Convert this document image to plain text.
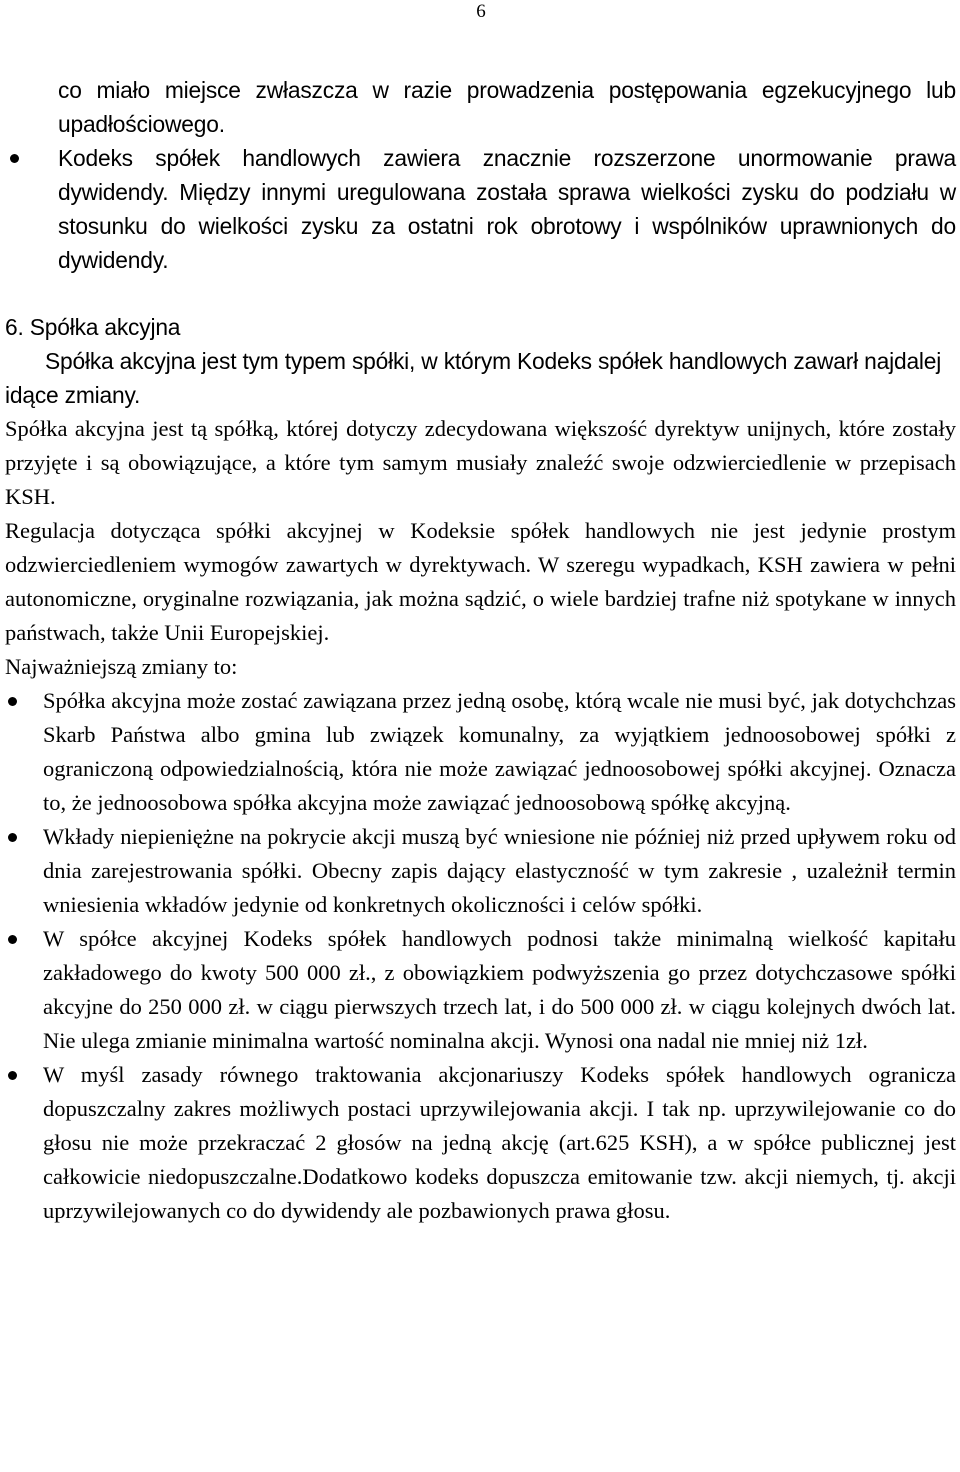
6

co miało miejsce zwłaszcza w razie prowadzenia postępowania egzekucyjnego lub upadłościowego.

Kodeks spółek handlowych zawiera znacznie rozszerzone unormowanie prawa dywidendy. Między innymi uregulowana została sprawa wielkości zysku do podziału w stosunku do wielkości zysku za ostatni rok obrotowy i wspólników uprawnionych do dywidendy.

6. Spółka akcyjna

Spółka akcyjna jest tym typem spółki, w którym Kodeks spółek handlowych zawarł najdalej idące zmiany.

Spółka akcyjna jest tą spółką, której dotyczy zdecydowana większość dyrektyw unijnych, które zostały przyjęte i są obowiązujące, a które tym samym musiały znaleźć swoje odzwierciedlenie w przepisach KSH.

Regulacja dotycząca spółki akcyjnej w Kodeksie spółek handlowych nie jest jedynie prostym odzwierciedleniem wymogów zawartych w dyrektywach. W szeregu wypadkach, KSH zawiera w pełni autonomiczne, oryginalne rozwiązania, jak można sądzić, o wiele bardziej trafne niż spotykane w innych państwach, także Unii Europejskiej.

Najważniejszą zmiany to:

Spółka akcyjna może zostać zawiązana przez jedną osobę, którą wcale nie musi być, jak dotychchzas Skarb Państwa albo gmina lub związek komunalny, za wyjątkiem jednoosobowej spółki z ograniczoną odpowiedzialnością, która nie może zawiązać jednoosobowej spółki akcyjnej. Oznacza to, że jednoosobowa spółka akcyjna może zawiązać jednoosobową spółkę akcyjną.
Wkłady niepieniężne na pokrycie akcji muszą być wniesione nie później niż przed upływem roku od dnia zarejestrowania spółki. Obecny zapis dający elastyczność w tym zakresie , uzależnił termin wniesienia wkładów jedynie od konkretnych okoliczności i celów spółki.
W spółce akcyjnej Kodeks spółek handlowych podnosi także minimalną wielkość kapitału zakładowego do kwoty 500 000 zł., z obowiązkiem podwyższenia go przez dotychczasowe spółki akcyjne do 250 000 zł. w ciągu pierwszych trzech lat, i do 500 000 zł. w ciągu kolejnych dwóch lat. Nie ulega zmianie minimalna wartość nominalna akcji. Wynosi ona nadal nie mniej niż 1zł.
W myśl zasady równego traktowania akcjonariuszy Kodeks spółek handlowych ogranicza dopuszczalny zakres możliwych postaci uprzywilejowania akcji. I tak np. uprzywilejowanie co do głosu nie może przekraczać 2 głosów na jedną akcję (art.625 KSH), a w spółce publicznej jest całkowicie niedopuszczalne.Dodatkowo kodeks dopuszcza emitowanie tzw. akcji niemych, tj. akcji uprzywilejowanych co do dywidendy ale pozbawionych prawa głosu.
